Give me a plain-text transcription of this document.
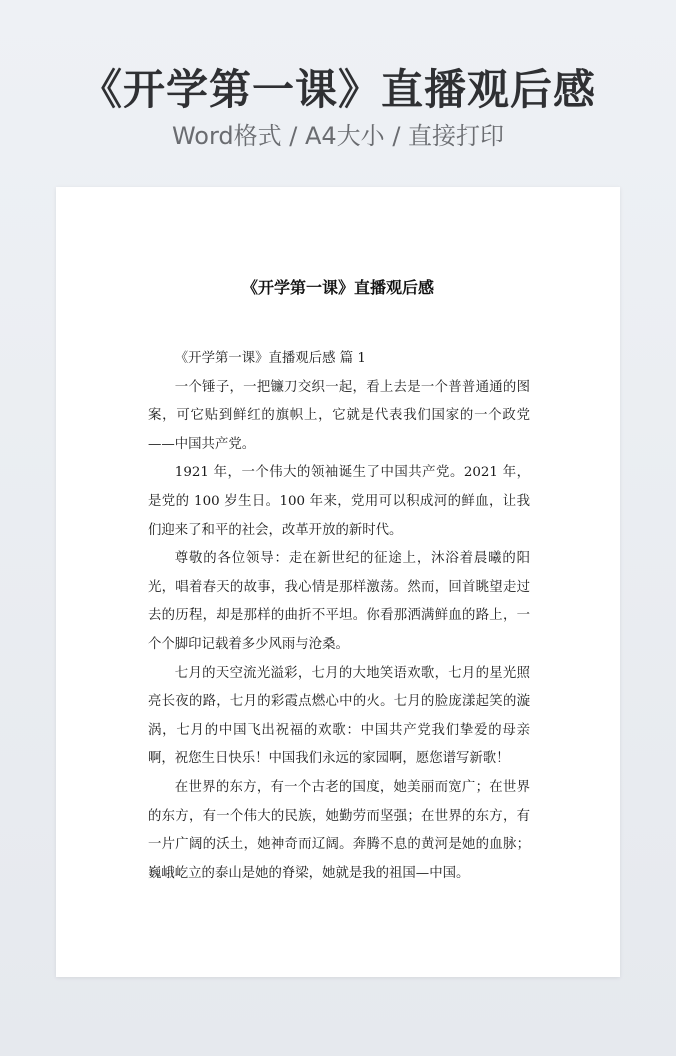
《开学第一课》直播观后感
Word格式 / A4大小 / 直接打印
《开学第一课》直播观后感

《开学第一课》直播观后感 篇 1

一个锤子，一把镰刀交织一起，看上去是一个普普通通的图案，可它贴到鲜红的旗帜上，它就是代表我们国家的一个政党——中国共产党。

1921 年，一个伟大的领袖诞生了中国共产党。2021 年，是党的 100 岁生日。100 年来，党用可以积成河的鲜血，让我们迎来了和平的社会，改革开放的新时代。

尊敬的各位领导：走在新世纪的征途上，沐浴着晨曦的阳光，唱着春天的故事，我心情是那样激荡。然而，回首眺望走过去的历程，却是那样的曲折不平坦。你看那洒满鲜血的路上，一个个脚印记载着多少风雨与沧桑。

七月的天空流光溢彩，七月的大地笑语欢歌，七月的星光照亮长夜的路，七月的彩霞点燃心中的火。七月的脸庞漾起笑的漩涡，七月的中国飞出祝福的欢歌：中国共产党我们挚爱的母亲啊，祝您生日快乐！中国我们永远的家园啊，愿您谱写新歌！

在世界的东方，有一个古老的国度，她美丽而宽广；在世界的东方，有一个伟大的民族，她勤劳而坚强；在世界的东方，有一片广阔的沃土，她神奇而辽阔。奔腾不息的黄河是她的血脉；巍峨屹立的泰山是她的脊梁，她就是我的祖国—中国。
